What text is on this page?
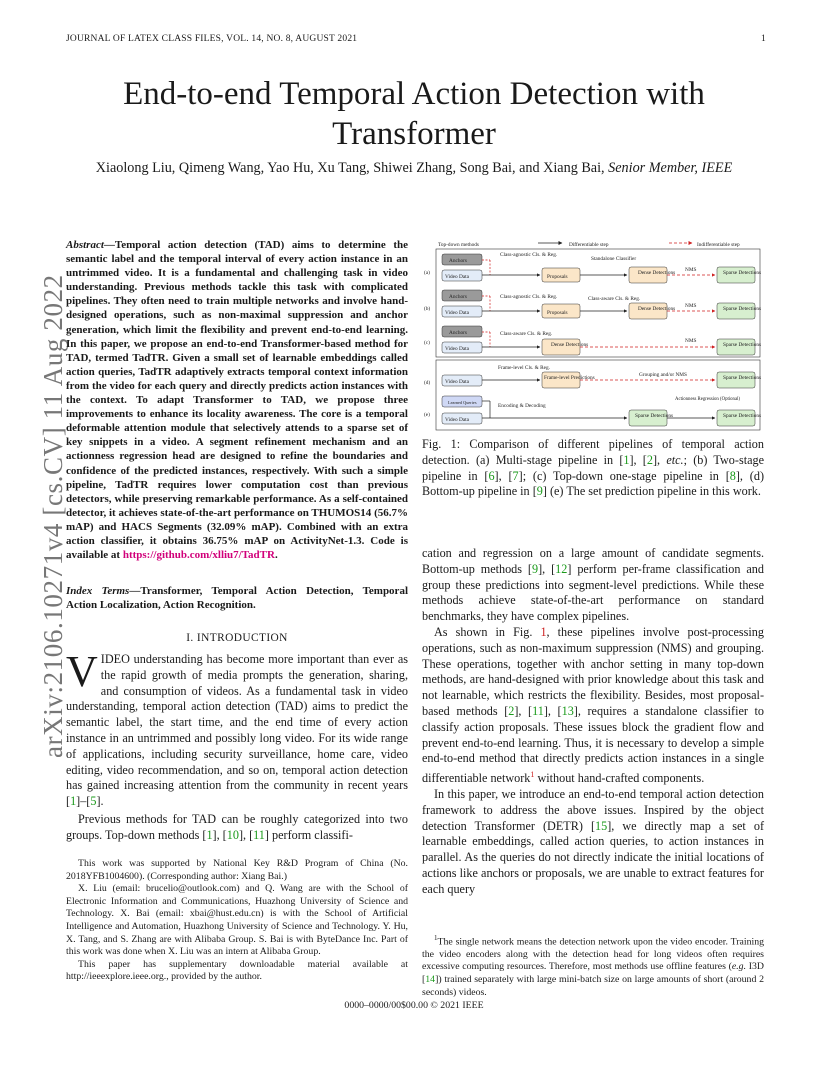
JOURNAL OF LATEX CLASS FILES, VOL. 14, NO. 8, AUGUST 2021	1
End-to-end Temporal Action Detection with
Transformer
Xiaolong Liu, Qimeng Wang, Yao Hu, Xu Tang, Shiwei Zhang, Song Bai, and Xiang Bai, Senior Member, IEEE
arXiv:2106.10271v4 [cs.CV] 11 Aug 2022
Abstract—Temporal action detection (TAD) aims to determine the semantic label and the temporal interval of every action instance in an untrimmed video. It is a fundamental and challenging task in video understanding. Previous methods tackle this task with complicated pipelines. They often need to train multiple networks and involve hand-designed operations, such as non-maximal suppression and anchor generation, which limit the flexibility and prevent end-to-end learning. In this paper, we propose an end-to-end Transformer-based method for TAD, termed TadTR. Given a small set of learnable embeddings called action queries, TadTR adaptively extracts temporal context information from the video for each query and directly predicts action instances with the context. To adapt Transformer to TAD, we propose three improvements to enhance its locality awareness. The core is a temporal deformable attention module that selectively attends to a sparse set of key snippets in a video. A segment refinement mechanism and an actionness regression head are designed to refine the boundaries and confidence of the predicted instances, respectively. With such a simple pipeline, TadTR requires lower computation cost than previous detectors, while preserving remarkable performance. As a self-contained detector, it achieves state-of-the-art performance on THUMOS14 (56.7% mAP) and HACS Segments (32.09% mAP). Combined with an extra action classifier, it obtains 36.75% mAP on ActivityNet-1.3. Code is available at https://github.com/xlliu7/TadTR.
Index Terms—Transformer, Temporal Action Detection, Temporal Action Localization, Action Recognition.
I. INTRODUCTION
VIDEO understanding has become more important than ever as the rapid growth of media prompts the generation, sharing, and consumption of videos. As a fundamental task in video understanding, temporal action detection (TAD) aims to predict the semantic label, the start time, and the end time of every action instance in an untrimmed and possibly long video. For its wide range of applications, including security surveillance, home care, video editing, video recommendation, and so on, temporal action detection has gained increasing attention from the community in recent years [1]–[5].
Previous methods for TAD can be roughly categorized into two groups. Top-down methods [1], [10], [11] perform classifi-

This work was supported by National Key R&D Program of China (No. 2018YFB1004600). (Corresponding author: Xiang Bai.)

X. Liu (email: brucelio@outlook.com) and Q. Wang are with the School of Electronic Information and Communications, Huazhong University of Science and Technology. X. Bai (email: xbai@hust.edu.cn) is with the School of Artificial Intelligence and Automation, Huazhong University of Science and Technology. Y. Hu, X. Tang, and S. Zhang are with Alibaba Group. S. Bai is with ByteDance Inc. Part of this work was done when X. Liu was an intern at Alibaba Group.

This paper has supplementary downloadable material available at http://ieeexplore.ieee.org., provided by the author.

Top-down methods	Differentiable step	Indifferentiable step
(a)
Anchors
Video Data
Class-agnostic Cls. & Reg.
Proposals
Standalone Classifier
Dense Detections NMS	Sparse Detections
(b)
Anchors
Video Data
Class-agnostic Cls. & Reg.
Proposals
Class-aware Cls. & Reg.
Dense Detections NMS	Sparse Detections
(c)
Anchors
Video Data
Class-aware Cls. & Reg.
Dense Detections
NMS
Sparse Detections
(d)	Video Data
Frame-level Cls. & Reg.
Frame-level Predictions	Grouping and/or NMS	Sparse Detections
(e)
Learned Queries
Video Data
Encoding & Decoding
Sparse Detections
Actionness Regression (Optional)
Sparse Detections
Fig. 1: Comparison of different pipelines of temporal action detection. (a) Multi-stage pipeline in [1], [2], etc.; (b) Two-stage pipeline in [6], [7]; (c) Top-down one-stage pipeline in [8], (d) Bottom-up pipeline in [9] (e) The set prediction pipeline in this work.

cation and regression on a large amount of candidate segments. Bottom-up methods [9], [12] perform per-frame classification and group these predictions into segment-level predictions. While these methods achieve state-of-the-art performance on standard benchmarks, they have complex pipelines.

As shown in Fig. 1, these pipelines involve post-processing operations, such as non-maximum suppression (NMS) and grouping. These operations, together with anchor setting in many top-down methods, are hand-designed with prior knowledge about this task and not learnable, which restricts the flexibility. Besides, most proposal-based methods [2], [11], [13], requires a standalone classifier to classify action proposals. These issues block the gradient flow and prevent end-to-end learning. Thus, it is necessary to develop a simple end-to-end method that directly predicts action instances in a single differentiable network$^1$ without hand-crafted components.

In this paper, we introduce an end-to-end temporal action detection framework to address the above issues. Inspired by the object detection Transformer (DETR) [15], we directly map a set of learnable embeddings, called action queries, to action instances in parallel. As the queries do not directly indicate the initial locations of actions like anchors or proposals, we are unable to extract features for each query

$^1$The single network means the detection network upon the video encoder. Training the video encoders along with the detection head for long videos often requires excessive computing resources. Therefore, most methods use offline features (e.g. I3D [14]) trained separately with large mini-batch size on large amounts of short (around 2 seconds) videos.

0000–0000/00$00.00 © 2021 IEEE
